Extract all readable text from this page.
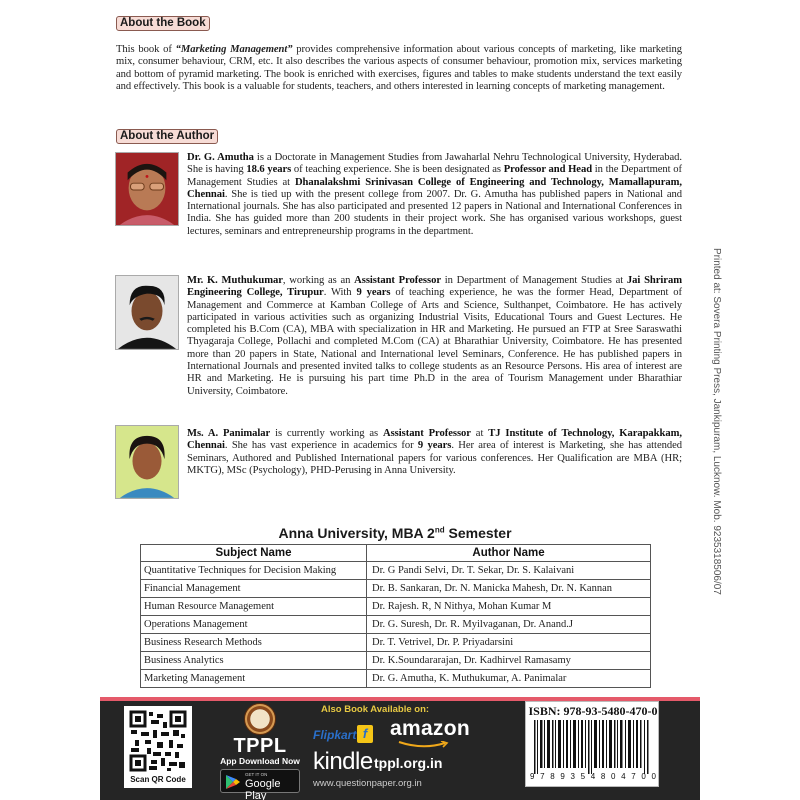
About the Book
This book of “Marketing Management” provides comprehensive information about various concepts of marketing, like marketing mix, consumer behaviour, CRM, etc. It also describes the various aspects of consumer behaviour, promotion mix, services marketing and bottom of pyramid marketing. The book is enriched with exercises, figures and tables to make students understand the text easily and effectively. This book is a valuable for students, teachers, and others interested in learning concepts of marketing management.
About the Author
Dr. G. Amutha is a Doctorate in Management Studies from Jawaharlal Nehru Technological University, Hyderabad. She is having 18.6 years of teaching experience. She is been designated as Professor and Head in the Department of Management Studies at Dhanalakshmi Srinivasan College of Engineering and Technology, Mamallapuram, Chennai. She is tied up with the present college from 2007. Dr. G. Amutha has published papers in National and International journals. She has also participated and presented 12 papers in National and International Conferences in India. She has guided more than 200 students in their project work. She has organised various workshops, guest lectures, seminars and entrepreneurship programs in the department.
Mr. K. Muthukumar, working as an Assistant Professor in Department of Management Studies at Jai Shriram Engineering College, Tirupur. With 9 years of teaching experience, he was the former Head, Department of Management and Commerce at Kamban College of Arts and Science, Sulthanpet, Coimbatore. He has actively participated in various activities such as organizing Industrial Visits, Educational Tours and Guest Lectures. He completed his B.Com (CA), MBA with specialization in HR and Marketing. He pursued an FTP at Sree Saraswathi Thyagaraja College, Pollachi and completed M.Com (CA) at Bharathiar University, Coimbatore. He has presented more than 20 papers in State, National and International level Seminars, Conference. He has published papers in International Journals and presented invited talks to college students as an Resource Persons. His area of interest are HR and Marketing. He is pursuing his part time Ph.D in the area of Tourism Management under Bharathiar University, Coimbatore.
Ms. A. Panimalar is currently working as Assistant Professor at TJ Institute of Technology, Karapakkam, Chennai. She has vast experience in academics for 9 years. Her area of interest is Marketing, she has attended Seminars, Authored and Published International papers for various conferences. Her Qualification are MBA (HR; MKTG), MSc (Psychology), PHD-Perusing in Anna University.	Printed at: Sovera Printing Press, Jankipuram, Lucknow. Mob. 9235318506/07
Anna University, MBA 2nd Semester
Subject Name	Author Name
Quantitative Techniques for Decision Making	Dr. G Pandi Selvi, Dr. T. Sekar, Dr. S. Kalaivani
Financial Management	Dr. B. Sankaran, Dr. N. Manicka Mahesh, Dr. N. Kannan
Human Resource Management	Dr. Rajesh. R, N Nithya, Mohan Kumar M
Operations Management	Dr. G. Suresh, Dr. R. Myilvaganan, Dr. Anand.J
Business Research Methods	Dr. T. Vetrivel, Dr. P. Priyadarsini
Business Analytics	Dr. K.Soundararajan, Dr. Kadhirvel Ramasamy
Marketing Management	Dr. G. Amutha, K. Muthukumar, A. Panimalar
Scan QR Code
TPPL
App Download Now
GET IT ON
Google Play
Also Book Available on:
Flipkart f amazon
kindle tppl.org.in
www.questionpaper.org.in
ISBN: 978-93-5480-470-0
9 7 8 9 3 5 4 8 0 4 7 0 0
